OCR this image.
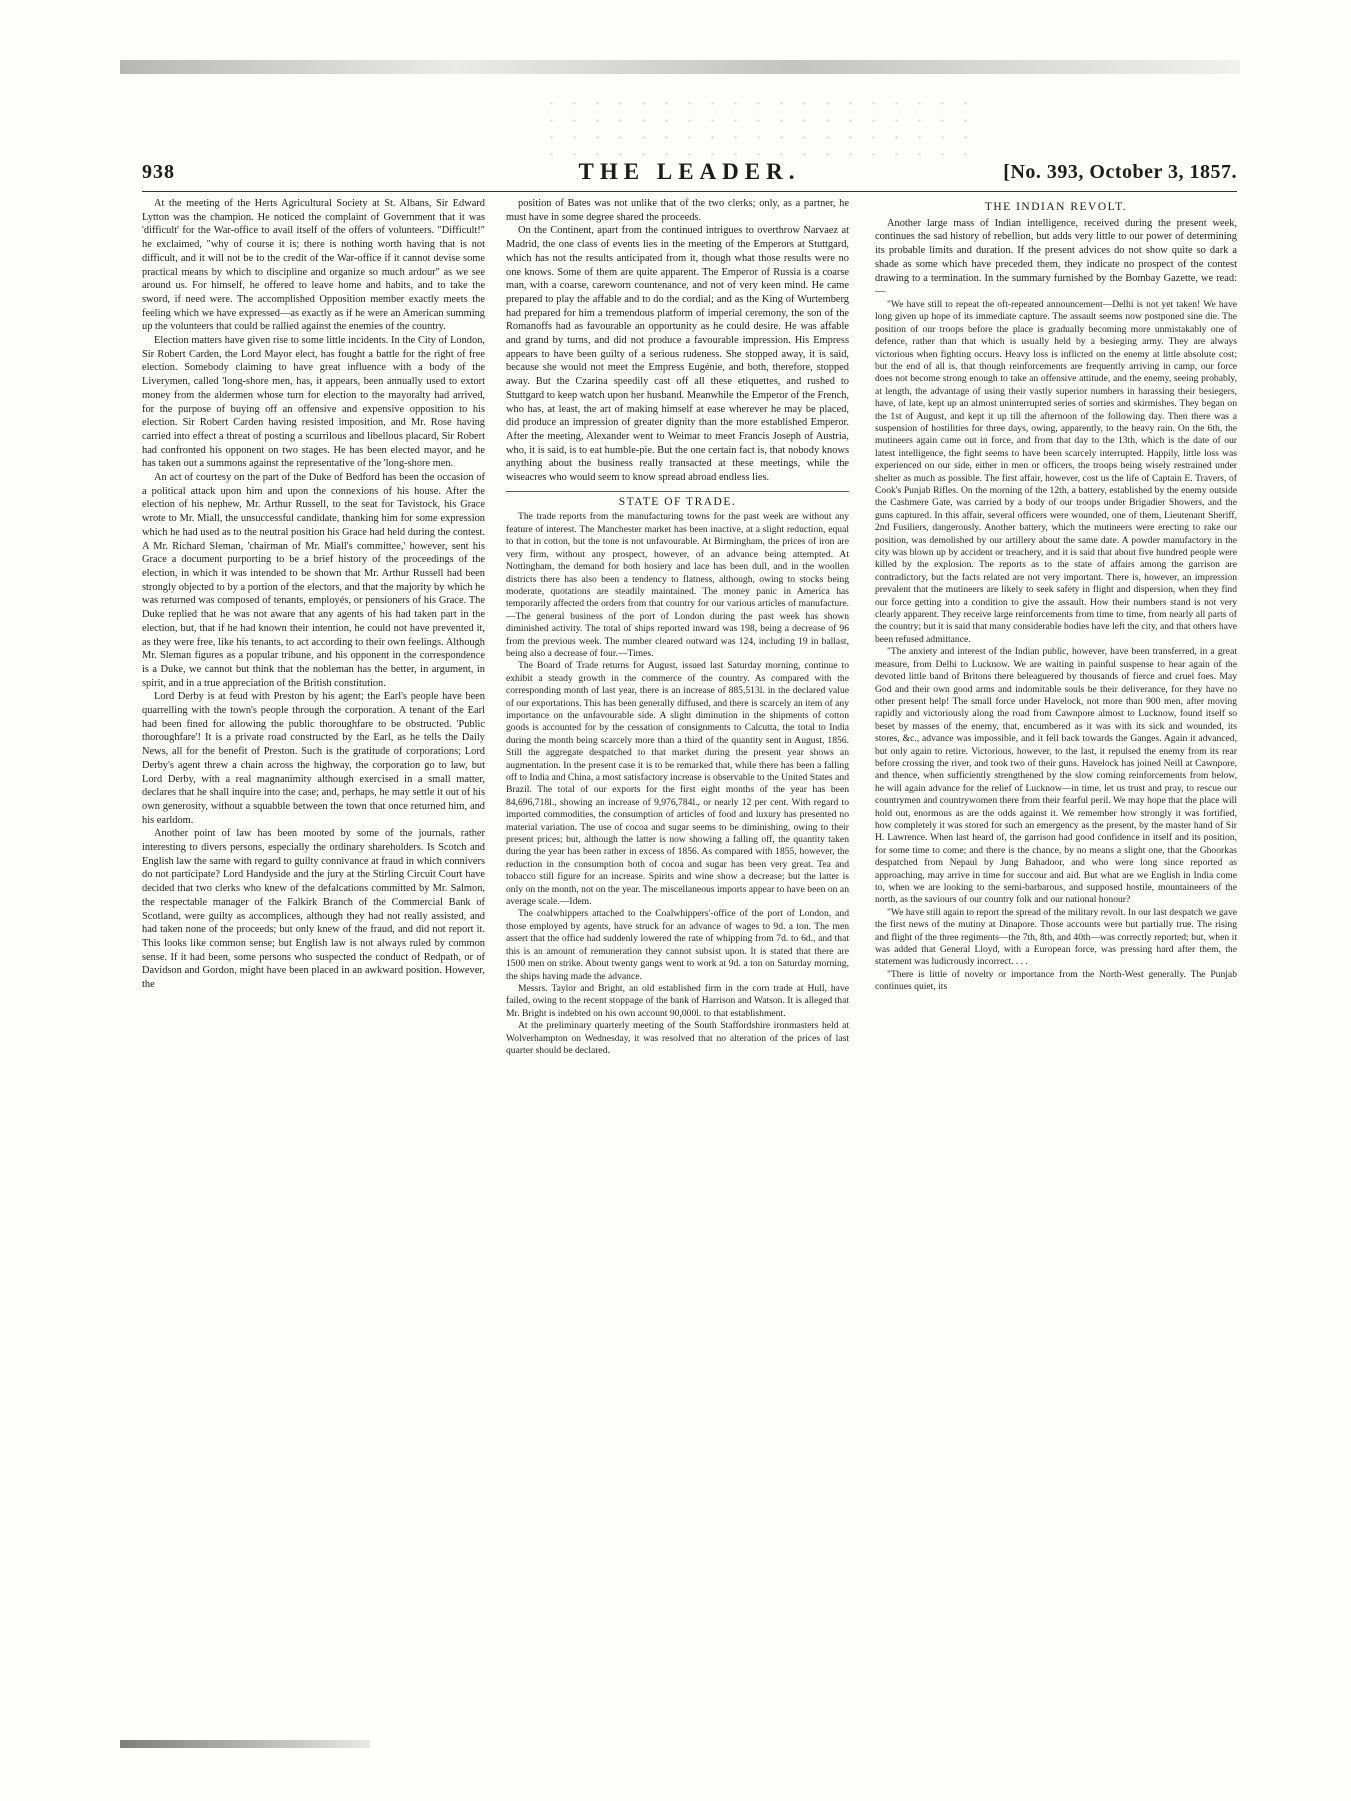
938	THE LEADER.	[No. 393, October 3, 1857.

At the meeting of the Herts Agricultural Society at St. Albans, Sir Edward Lytton was the champion. He noticed the complaint of Government that it was 'difficult' for the War-office to avail itself of the offers of volunteers. "Difficult!" he exclaimed, "why of course it is; there is nothing worth having that is not difficult, and it will not be to the credit of the War-office if it cannot devise some practical means by which to discipline and organize so much ardour" as we see around us. For himself, he offered to leave home and habits, and to take the sword, if need were. The accomplished Opposition member exactly meets the feeling which we have expressed—as exactly as if he were an American summing up the volunteers that could be rallied against the enemies of the country.

Election matters have given rise to some little incidents. In the City of London, Sir Robert Carden, the Lord Mayor elect, has fought a battle for the right of free election. Somebody claiming to have great influence with a body of the Liverymen, called 'long-shore men, has, it appears, been annually used to extort money from the aldermen whose turn for election to the mayoralty had arrived, for the purpose of buying off an offensive and expensive opposition to his election. Sir Robert Carden having resisted imposition, and Mr. Rose having carried into effect a threat of posting a scurrilous and libellous placard, Sir Robert had confronted his opponent on two stages. He has been elected mayor, and he has taken out a summons against the representative of the 'long-shore men.

An act of courtesy on the part of the Duke of Bedford has been the occasion of a political attack upon him and upon the connexions of his house. After the election of his nephew, Mr. Arthur Russell, to the seat for Tavistock, his Grace wrote to Mr. Miall, the unsuccessful candidate, thanking him for some expression which he had used as to the neutral position his Grace had held during the contest. A Mr. Richard Sleman, 'chairman of Mr. Miall's committee,' however, sent his Grace a document purporting to be a brief history of the proceedings of the election, in which it was intended to be shown that Mr. Arthur Russell had been strongly objected to by a portion of the electors, and that the majority by which he was returned was composed of tenants, employés, or pensioners of his Grace. The Duke replied that he was not aware that any agents of his had taken part in the election, but, that if he had known their intention, he could not have prevented it, as they were free, like his tenants, to act according to their own feelings. Although Mr. Sleman figures as a popular tribune, and his opponent in the correspondence is a Duke, we cannot but think that the nobleman has the better, in argument, in spirit, and in a true appreciation of the British constitution.

Lord Derby is at feud with Preston by his agent; the Earl's people have been quarrelling with the town's people through the corporation. A tenant of the Earl had been fined for allowing the public thoroughfare to be obstructed. 'Public thoroughfare'! It is a private road constructed by the Earl, as he tells the Daily News, all for the benefit of Preston. Such is the gratitude of corporations; Lord Derby's agent threw a chain across the highway, the corporation go to law, but Lord Derby, with a real magnanimity although exercised in a small matter, declares that he shall inquire into the case; and, perhaps, he may settle it out of his own generosity, without a squabble between the town that once returned him, and his earldom.

Another point of law has been mooted by some of the journals, rather interesting to divers persons, especially the ordinary shareholders. Is Scotch and English law the same with regard to guilty connivance at fraud in which connivers do not participate? Lord Handyside and the jury at the Stirling Circuit Court have decided that two clerks who knew of the defalcations committed by Mr. Salmon, the respectable manager of the Falkirk Branch of the Commercial Bank of Scotland, were guilty as accomplices, although they had not really assisted, and had taken none of the proceeds; but only knew of the fraud, and did not report it. This looks like common sense; but English law is not always ruled by common sense. If it had been, some persons who suspected the conduct of Redpath, or of Davidson and Gordon, might have been placed in an awkward position. However, the

position of Bates was not unlike that of the two clerks; only, as a partner, he must have in some degree shared the proceeds.

On the Continent, apart from the continued intrigues to overthrow Narvaez at Madrid, the one class of events lies in the meeting of the Emperors at Stuttgard, which has not the results anticipated from it, though what those results were no one knows. Some of them are quite apparent. The Emperor of Russia is a coarse man, with a coarse, careworn countenance, and not of very keen mind. He came prepared to play the affable and to do the cordial; and as the King of Wurtemberg had prepared for him a tremendous platform of imperial ceremony, the son of the Romanoffs had as favourable an opportunity as he could desire. He was affable and grand by turns, and did not produce a favourable impression. His Empress appears to have been guilty of a serious rudeness. She stopped away, it is said, because she would not meet the Empress Eugénie, and both, therefore, stopped away. But the Czarina speedily cast off all these etiquettes, and rushed to Stuttgard to keep watch upon her husband. Meanwhile the Emperor of the French, who has, at least, the art of making himself at ease wherever he may be placed, did produce an impression of greater dignity than the more established Emperor. After the meeting, Alexander went to Weimar to meet Francis Joseph of Austria, who, it is said, is to eat humble-pie. But the one certain fact is, that nobody knows anything about the business really transacted at these meetings, while the wiseacres who would seem to know spread abroad endless lies.

STATE OF TRADE.

The trade reports from the manufacturing towns for the past week are without any feature of interest. The Manchester market has been inactive, at a slight reduction, equal to that in cotton, but the tone is not unfavourable. At Birmingham, the prices of iron are very firm, without any prospect, however, of an advance being attempted. At Nottingham, the demand for both hosiery and lace has been dull, and in the woollen districts there has also been a tendency to flatness, although, owing to stocks being moderate, quotations are steadily maintained. The money panic in America has temporarily affected the orders from that country for our various articles of manufacture.—The general business of the port of London during the past week has shown diminished activity. The total of ships reported inward was 198, being a decrease of 96 from the previous week. The number cleared outward was 124, including 19 in ballast, being also a decrease of four.—Times.

The Board of Trade returns for August, issued last Saturday morning, continue to exhibit a steady growth in the commerce of the country. As compared with the corresponding month of last year, there is an increase of 885,513l. in the declared value of our exportations. This has been generally diffused, and there is scarcely an item of any importance on the unfavourable side. A slight diminution in the shipments of cotton goods is accounted for by the cessation of consignments to Calcutta, the total to India during the month being scarcely more than a third of the quantity sent in August, 1856. Still the aggregate despatched to that market during the present year shows an augmentation. In the present case it is to be remarked that, while there has been a falling off to India and China, a most satisfactory increase is observable to the United States and Brazil. The total of our exports for the first eight months of the year has been 84,696,718l., showing an increase of 9,976,784l., or nearly 12 per cent. With regard to imported commodities, the consumption of articles of food and luxury has presented no material variation. The use of cocoa and sugar seems to be diminishing, owing to their present prices; but, although the latter is now showing a falling off, the quantity taken during the year has been rather in excess of 1856. As compared with 1855, however, the reduction in the consumption both of cocoa and sugar has been very great. Tea and tobacco still figure for an increase. Spirits and wine show a decrease; but the latter is only on the month, not on the year. The miscellaneous imports appear to have been on an average scale.—Idem.

The coalwhippers attached to the Coalwhippers'-office of the port of London, and those employed by agents, have struck for an advance of wages to 9d. a ton. The men assert that the office had suddenly lowered the rate of whipping from 7d. to 6d., and that this is an amount of remuneration they cannot subsist upon. It is stated that there are 1500 men on strike. About twenty gangs went to work at 9d. a ton on Saturday morning, the ships having made the advance.

Messrs. Taylor and Bright, an old established firm in the corn trade at Hull, have failed, owing to the recent stoppage of the bank of Harrison and Watson. It is alleged that Mr. Bright is indebted on his own account 90,000l. to that establishment.

At the preliminary quarterly meeting of the South Staffordshire ironmasters held at Wolverhampton on Wednesday, it was resolved that no alteration of the prices of last quarter should be declared.

THE INDIAN REVOLT.

Another large mass of Indian intelligence, received during the present week, continues the sad history of rebellion, but adds very little to our power of determining its probable limits and duration. If the present advices do not show quite so dark a shade as some which have preceded them, they indicate no prospect of the contest drawing to a termination. In the summary furnished by the Bombay Gazette, we read:—

"We have still to repeat the oft-repeated announcement—Delhi is not yet taken! We have long given up hope of its immediate capture. The assault seems now postponed sine die. The position of our troops before the place is gradually becoming more unmistakably one of defence, rather than that which is usually held by a besieging army. They are always victorious when fighting occurs. Heavy loss is inflicted on the enemy at little absolute cost; but the end of all is, that though reinforcements are frequently arriving in camp, our force does not become strong enough to take an offensive attitude, and the enemy, seeing probably, at length, the advantage of using their vastly superior numbers in harassing their besiegers, have, of late, kept up an almost uninterrupted series of sorties and skirmishes. They began on the 1st of August, and kept it up till the afternoon of the following day. Then there was a suspension of hostilities for three days, owing, apparently, to the heavy rain. On the 6th, the mutineers again came out in force, and from that day to the 13th, which is the date of our latest intelligence, the fight seems to have been scarcely interrupted. Happily, little loss was experienced on our side, either in men or officers, the troops being wisely restrained under shelter as much as possible. The first affair, however, cost us the life of Captain E. Travers, of Cook's Punjab Rifles. On the morning of the 12th, a battery, established by the enemy outside the Cashmere Gate, was carried by a body of our troops under Brigadier Showers, and the guns captured. In this affair, several officers were wounded, one of them, Lieutenant Sheriff, 2nd Fusiliers, dangerously. Another battery, which the mutineers were erecting to rake our position, was demolished by our artillery about the same date. A powder manufactory in the city was blown up by accident or treachery, and it is said that about five hundred people were killed by the explosion. The reports as to the state of affairs among the garrison are contradictory, but the facts related are not very important. There is, however, an impression prevalent that the mutineers are likely to seek safety in flight and dispersion, when they find our force getting into a condition to give the assault. How their numbers stand is not very clearly apparent. They receive large reinforcements from time to time, from nearly all parts of the country; but it is said that many considerable bodies have left the city, and that others have been refused admittance.

"The anxiety and interest of the Indian public, however, have been transferred, in a great measure, from Delhi to Lucknow. We are waiting in painful suspense to hear again of the devoted little band of Britons there beleaguered by thousands of fierce and cruel foes. May God and their own good arms and indomitable souls be their deliverance, for they have no other present help! The small force under Havelock, not more than 900 men, after moving rapidly and victoriously along the road from Cawnpore almost to Lucknow, found itself so beset by masses of the enemy, that, encumbered as it was with its sick and wounded, its stores, &c., advance was impossible, and it fell back towards the Ganges. Again it advanced, but only again to retire. Victorious, however, to the last, it repulsed the enemy from its rear before crossing the river, and took two of their guns. Havelock has joined Neill at Cawnpore, and thence, when sufficiently strengthened by the slow coming reinforcements from below, he will again advance for the relief of Lucknow—in time, let us trust and pray, to rescue our countrymen and countrywomen there from their fearful peril. We may hope that the place will hold out, enormous as are the odds against it. We remember how strongly it was fortified, how completely it was stored for such an emergency as the present, by the master hand of Sir H. Lawrence. When last heard of, the garrison had good confidence in itself and its position, for some time to come; and there is the chance, by no means a slight one, that the Ghoorkas despatched from Nepaul by Jung Bahadoor, and who were long since reported as approaching, may arrive in time for succour and aid. But what are we English in India come to, when we are looking to the semi-barbarous, and supposed hostile, mountaineers of the north, as the saviours of our country folk and our national honour?

"We have still again to report the spread of the military revolt. In our last despatch we gave the first news of the mutiny at Dinapore. Those accounts were but partially true. The rising and flight of the three regiments—the 7th, 8th, and 40th—was correctly reported; but, when it was added that General Lloyd, with a European force, was pressing hard after them, the statement was ludicrously incorrect. . . .

"There is little of novelty or importance from the North-West generally. The Punjab continues quiet, its
